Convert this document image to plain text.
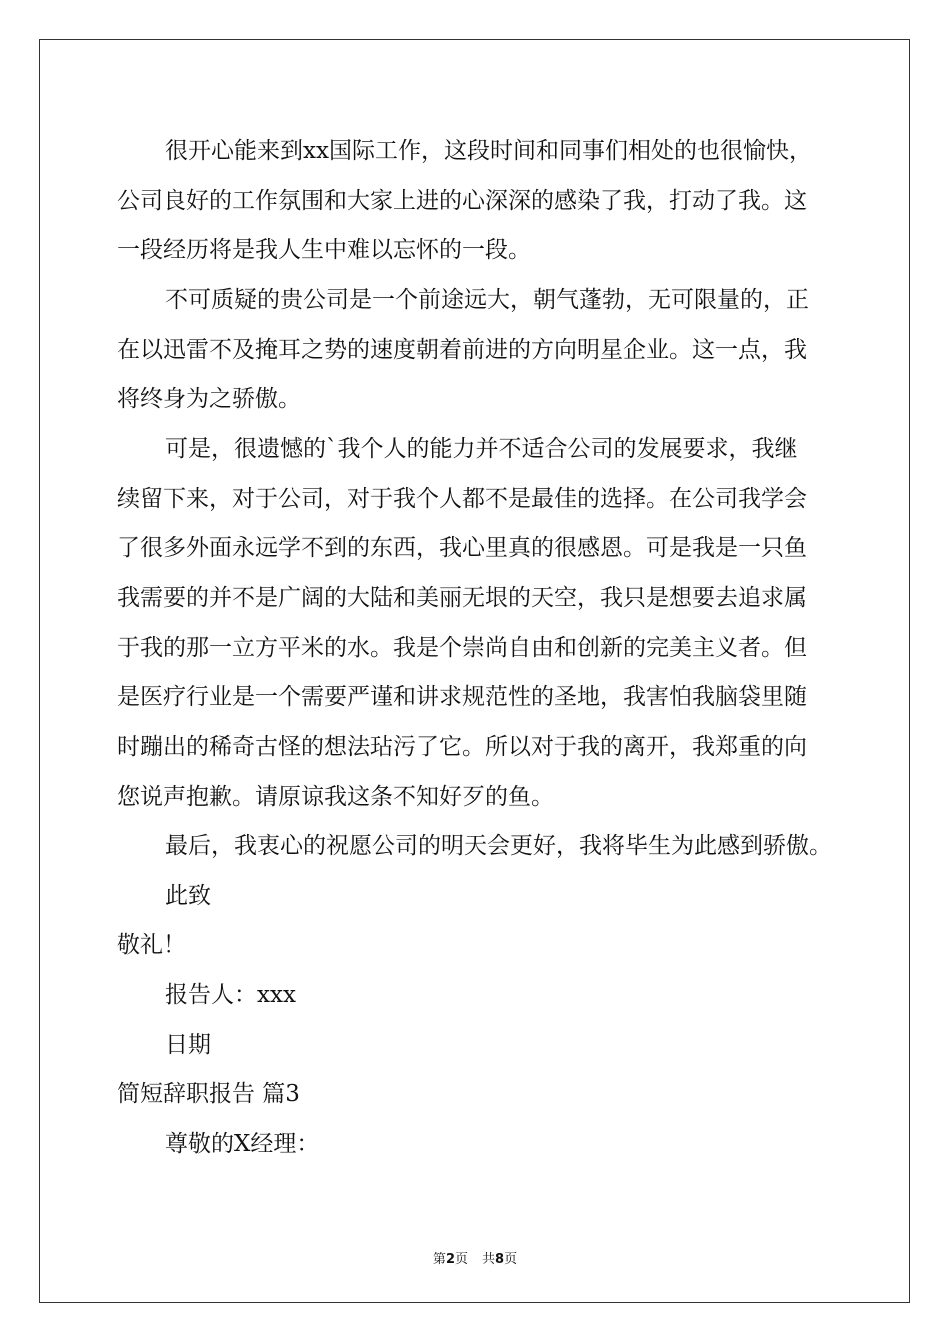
很开心能来到xx国际工作，这段时间和同事们相处的也很愉快，

公司良好的工作氛围和大家上进的心深深的感染了我，打动了我。这

一段经历将是我人生中难以忘怀的一段。

不可质疑的贵公司是一个前途远大，朝气蓬勃，无可限量的，正

在以迅雷不及掩耳之势的速度朝着前进的方向明星企业。这一点，我

将终身为之骄傲。

可是，很遗憾的`我个人的能力并不适合公司的发展要求，我继

续留下来，对于公司，对于我个人都不是最佳的选择。在公司我学会

了很多外面永远学不到的东西，我心里真的很感恩。可是我是一只鱼

我需要的并不是广阔的大陆和美丽无垠的天空，我只是想要去追求属

于我的那一立方平米的水。我是个崇尚自由和创新的完美主义者。但

是医疗行业是一个需要严谨和讲求规范性的圣地，我害怕我脑袋里随

时蹦出的稀奇古怪的想法玷污了它。所以对于我的离开，我郑重的向

您说声抱歉。请原谅我这条不知好歹的鱼。

最后，我衷心的祝愿公司的明天会更好，我将毕生为此感到骄傲。

此致

敬礼！

报告人：xxx

日期

简短辞职报告 篇3

尊敬的X经理：

第2页 共8页
